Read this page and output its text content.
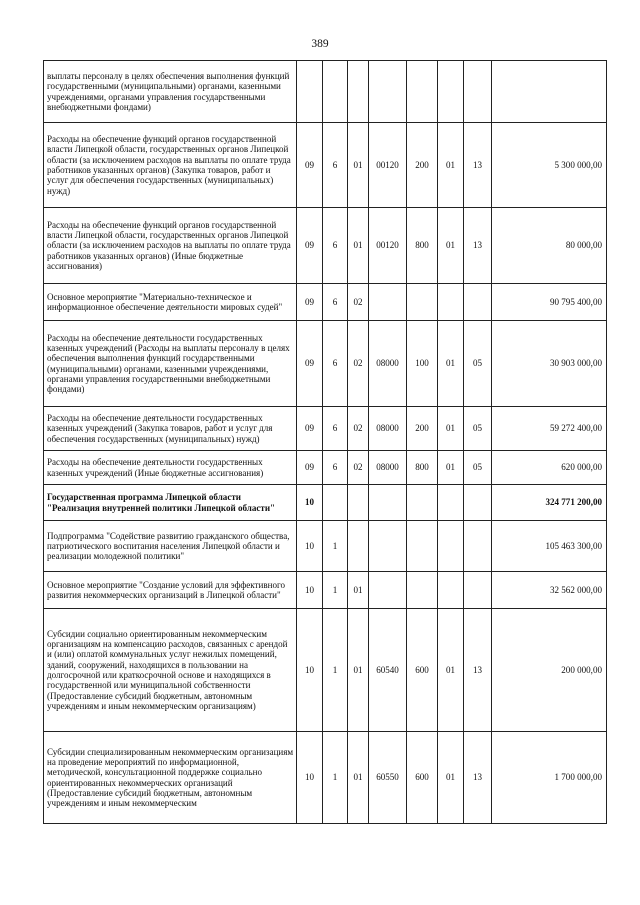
389
выплаты персоналу в целях обеспечения выполнения функций государственными (муниципальными) органами, казенными учреждениями, органами управления государственными внебюджетными фондами)								
Расходы на обеспечение функций органов государственной власти Липецкой области, государственных органов Липецкой области (за исключением расходов на выплаты по оплате труда работников указанных органов) (Закупка товаров, работ и услуг для обеспечения государственных (муниципальных) нужд)	09	6	01	00120	200	01	13	5 300 000,00
Расходы на обеспечение функций органов государственной власти Липецкой области, государственных органов Липецкой области (за исключением расходов на выплаты по оплате труда работников указанных органов) (Иные бюджетные ассигнования)	09	6	01	00120	800	01	13	80 000,00
Основное мероприятие "Материально-техническое и информационное обеспечение деятельности мировых судей"	09	6	02					90 795 400,00
Расходы на обеспечение деятельности государственных казенных учреждений (Расходы на выплаты персоналу в целях обеспечения выполнения функций государственными (муниципальными) органами, казенными учреждениями, органами управления государственными внебюджетными фондами)	09	6	02	08000	100	01	05	30 903 000,00
Расходы на обеспечение деятельности государственных казенных учреждений (Закупка товаров, работ и услуг для обеспечения государственных (муниципальных) нужд)	09	6	02	08000	200	01	05	59 272 400,00
Расходы на обеспечение деятельности государственных казенных учреждений (Иные бюджетные ассигнования)	09	6	02	08000	800	01	05	620 000,00
Государственная программа Липецкой области "Реализация внутренней политики Липецкой области"	10							324 771 200,00
Подпрограмма "Содействие развитию гражданского общества, патриотического воспитания населения Липецкой области и реализации молодежной политики"	10	1						105 463 300,00
Основное мероприятие "Создание условий для эффективного развития некоммерческих организаций в Липецкой области"	10	1	01					32 562 000,00
Субсидии социально ориентированным некоммерческим организациям на компенсацию расходов, связанных с арендой и (или) оплатой коммунальных услуг нежилых помещений, зданий, сооружений, находящихся в пользовании на долгосрочной или краткосрочной основе и находящихся в государственной или муниципальной собственности (Предоставление субсидий бюджетным, автономным учреждениям и иным некоммерческим организациям)	10	1	01	60540	600	01	13	200 000,00
Субсидии специализированным некоммерческим организациям на проведение мероприятий по информационной, методической, консультационной поддержке социально ориентированных некоммерческих организаций (Предоставление субсидий бюджетным, автономным учреждениям и иным некоммерческим	10	1	01	60550	600	01	13	1 700 000,00
